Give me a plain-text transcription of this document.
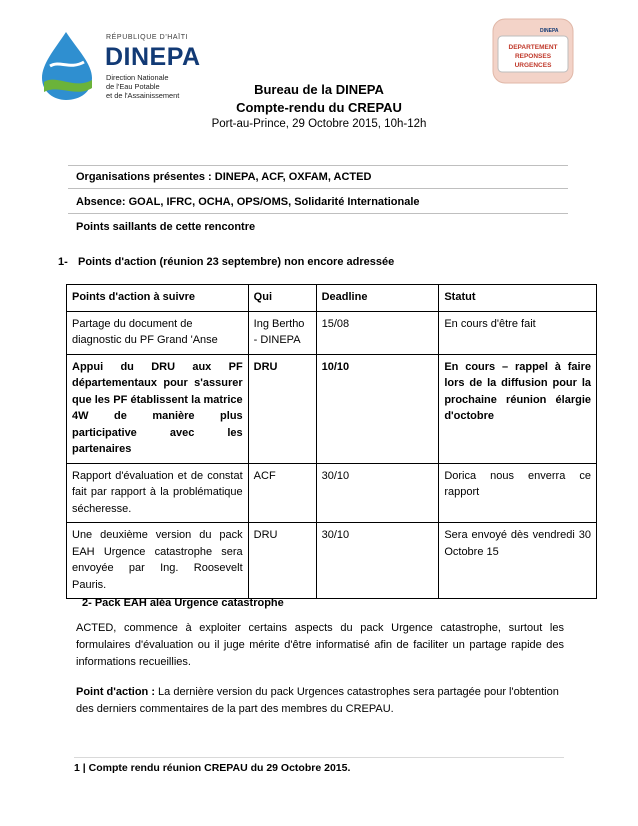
RÉPUBLIQUE D'HAÏTI
DINEPA
Direction Nationale
de l'Eau Potable
et de l'Assainissement
DINEPA
DEPARTEMENT
REPONSES
URGENCES
Bureau de la DINEPA
Compte-rendu du CREPAU
Port-au-Prince, 29 Octobre 2015, 10h-12h
Organisations présentes : DINEPA, ACF, OXFAM, ACTED
Absence: GOAL, IFRC, OCHA, OPS/OMS, Solidarité Internationale
Points saillants de cette rencontre
1- Points d'action (réunion 23 septembre) non encore adressée
Points d'action à suivre	Qui	Deadline	Statut
Partage du document de diagnostic du PF Grand 'Anse	Ing Bertho - DINEPA	15/08	En cours d'être fait
Appui du DRU aux PF départementaux pour s'assurer que les PF établissent la matrice 4W de manière plus participative avec les partenaires	DRU	10/10	En cours – rappel à faire lors de la diffusion pour la prochaine réunion élargie d'octobre
Rapport d'évaluation et de constat fait par rapport à la problématique sécheresse.	ACF	30/10	Dorica nous enverra ce rapport
Une deuxième version du pack EAH Urgence catastrophe sera envoyée par Ing. Roosevelt Pauris.	DRU	30/10	Sera envoyé dès vendredi 30 Octobre 15
2- Pack EAH aléa Urgence catastrophe
ACTED, commence à exploiter certains aspects du pack Urgence catastrophe, surtout les formulaires d'évaluation ou il juge mérite d'être informatisé afin de faciliter un partage rapide des informations recueillies.
Point d'action : La dernière version du pack Urgences catastrophes sera partagée pour l'obtention des derniers commentaires de la part des membres du CREPAU.
1 | Compte rendu réunion CREPAU du 29 Octobre 2015.
